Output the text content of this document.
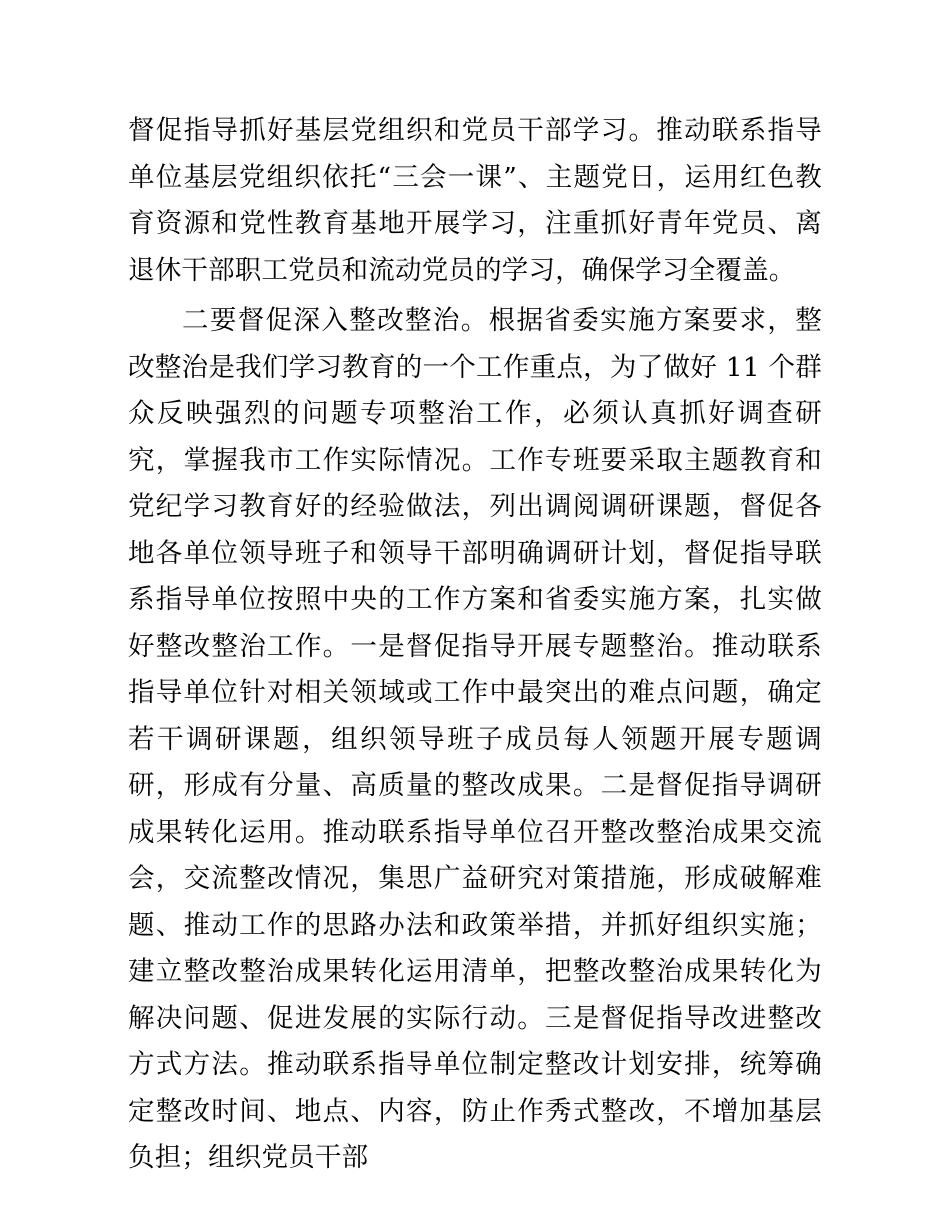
督促指导抓好基层党组织和党员干部学习。推动联系指导单位基层党组织依托“三会一课”、主题党日，运用红色教育资源和党性教育基地开展学习，注重抓好青年党员、离退休干部职工党员和流动党员的学习，确保学习全覆盖。

二要督促深入整改整治。根据省委实施方案要求，整改整治是我们学习教育的一个工作重点，为了做好 11 个群众反映强烈的问题专项整治工作，必须认真抓好调查研究，掌握我市工作实际情况。工作专班要采取主题教育和党纪学习教育好的经验做法，列出调阅调研课题，督促各地各单位领导班子和领导干部明确调研计划，督促指导联系指导单位按照中央的工作方案和省委实施方案，扎实做好整改整治工作。一是督促指导开展专题整治。推动联系指导单位针对相关领域或工作中最突出的难点问题，确定若干调研课题，组织领导班子成员每人领题开展专题调研，形成有分量、高质量的整改成果。二是督促指导调研成果转化运用。推动联系指导单位召开整改整治成果交流会，交流整改情况，集思广益研究对策措施，形成破解难题、推动工作的思路办法和政策举措，并抓好组织实施；建立整改整治成果转化运用清单，把整改整治成果转化为解决问题、促进发展的实际行动。三是督促指导改进整改方式方法。推动联系指导单位制定整改计划安排，统筹确定整改时间、地点、内容，防止作秀式整改，不增加基层负担；组织党员干部
